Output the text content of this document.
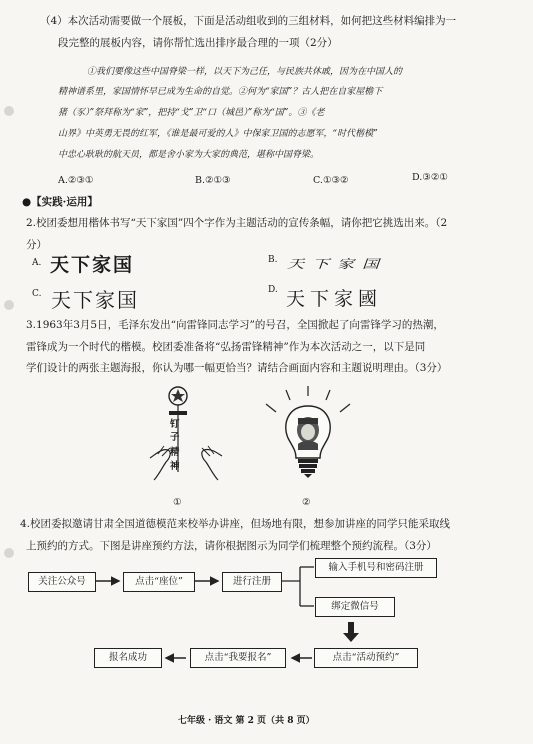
（4）本次活动需要做一个展板，下面是活动组收到的三组材料，如何把这些材料编排为一
段完整的展板内容，请你帮忙选出排序最合理的一项（2分）
①我们要像这些中国脊梁一样，以天下为己任，与民族共休戚，因为在中国人的
精神谱系里，家国情怀早已成为生命的自觉。②何为“家国”？古人把在自家屋檐下
猪（豕）”祭拜称为“家”，把持“戈”卫“口（城邑）”称为“国”。③《老
山界》中英勇无畏的红军，《谁是最可爱的人》中保家卫国的志愿军，“时代楷模”
中忠心耿耿的航天员，都是舍小家为大家的典范，堪称中国脊梁。
A.②③①	B.②①③	C.①③②	D.③②①
●【实践·运用】
2.校团委想用楷体书写“天下家国”四个字作为主题活动的宣传条幅，请你把它挑选出来。（2
分）
A. 天下家国	B. 天下家国
C. 天下家国	D. 天下家國
3.1963年3月5日，毛泽东发出“向雷锋同志学习”的号召，全国掀起了向雷锋学习的热潮，
雷锋成为一个时代的楷模。校团委准备将“弘扬雷锋精神”作为本次活动之一，以下是同
学们设计的两张主题海报，你认为哪一幅更恰当？请结合画面内容和主题说明理由。（3分）
钉
子
精
神
①	②
4.校团委拟邀请甘肃全国道德模范来校举办讲座，但场地有限，想参加讲座的同学只能采取线
上预约的方式。下图是讲座预约方法，请你根据图示为同学们梳理整个预约流程。（3分）
关注公众号	点击“座位”	进行注册
输入手机号和密码注册
绑定微信号
点击“活动预约”
点击“我要报名”
报名成功
七年级 · 语文 第 2 页（共 8 页）
